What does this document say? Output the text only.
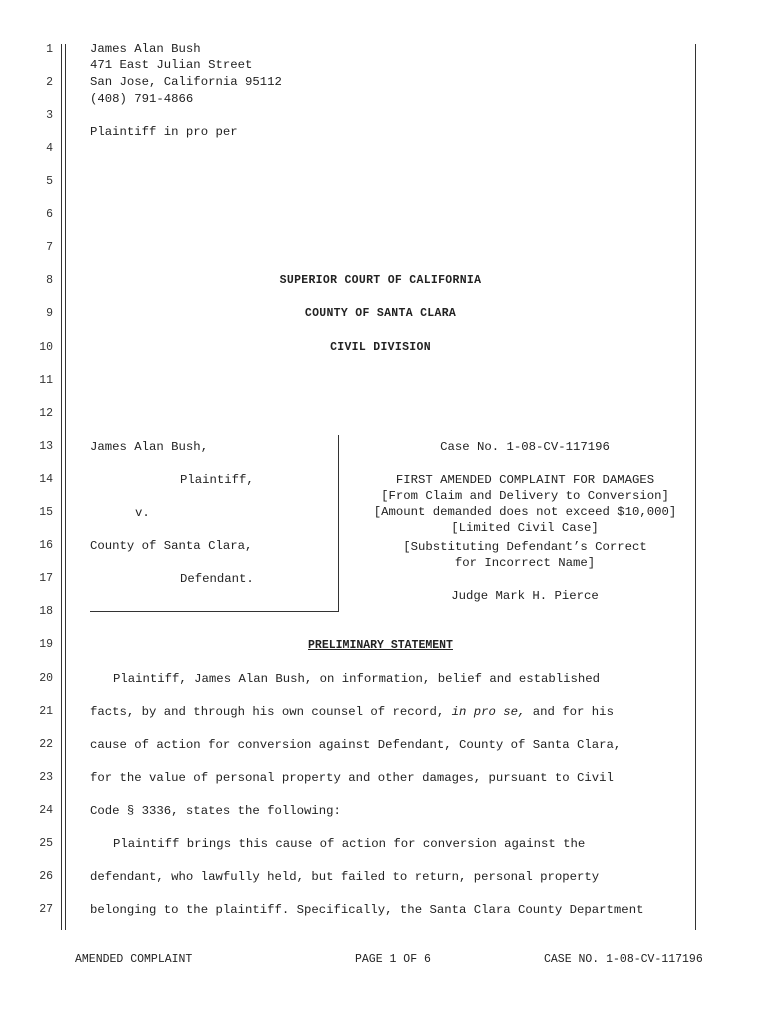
1
2
3
4
5
6
7
8
9
10
11
12
13
14
15
16
17
18
19
20
21
22
23
24
25
26
27
James Alan Bush
471 East Julian Street
San Jose, California 95112
(408) 791-4866
Plaintiff in pro per
SUPERIOR COURT OF CALIFORNIA
COUNTY OF SANTA CLARA
CIVIL DIVISION
James Alan Bush,
Plaintiff,
v.
County of Santa Clara,
Defendant.
Case No. 1-08-CV-117196
FIRST AMENDED COMPLAINT FOR DAMAGES
[From Claim and Delivery to Conversion]
[Amount demanded does not exceed $10,000]
[Limited Civil Case]
[Substituting Defendant’s Correct
for Incorrect Name]
Judge Mark H. Pierce
PRELIMINARY STATEMENT
Plaintiff, James Alan Bush, on information, belief and established
facts, by and through his own counsel of record, in pro se, and for his
cause of action for conversion against Defendant, County of Santa Clara,
for the value of personal property and other damages, pursuant to Civil
Code § 3336, states the following:
Plaintiff brings this cause of action for conversion against the
defendant, who lawfully held, but failed to return, personal property
belonging to the plaintiff. Specifically, the Santa Clara County Department
AMENDED COMPLAINT	PAGE 1 OF 6	CASE NO. 1-08-CV-117196
